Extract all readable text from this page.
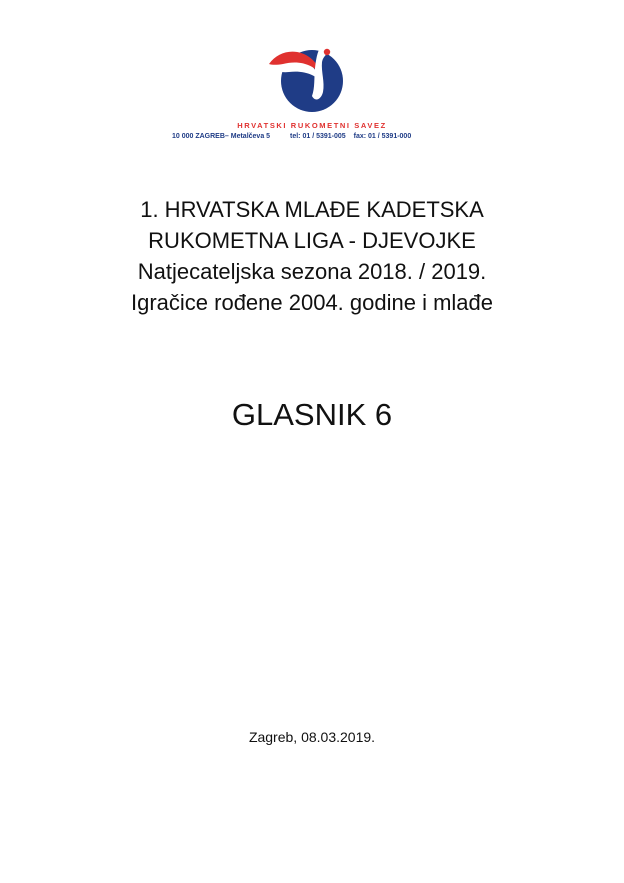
HRVATSKI RUKOMETNI SAVEZ
10 000 ZAGREB– Metalčeva 5	tel: 01 / 5391-005 fax: 01 / 5391-000
1. HRVATSKA MLAĐE KADETSKA
RUKOMETNA LIGA - DJEVOJKE
Natjecateljska sezona 2018. / 2019.
Igračice rođene 2004. godine i mlađe
GLASNIK 6
Zagreb, 08.03.2019.
